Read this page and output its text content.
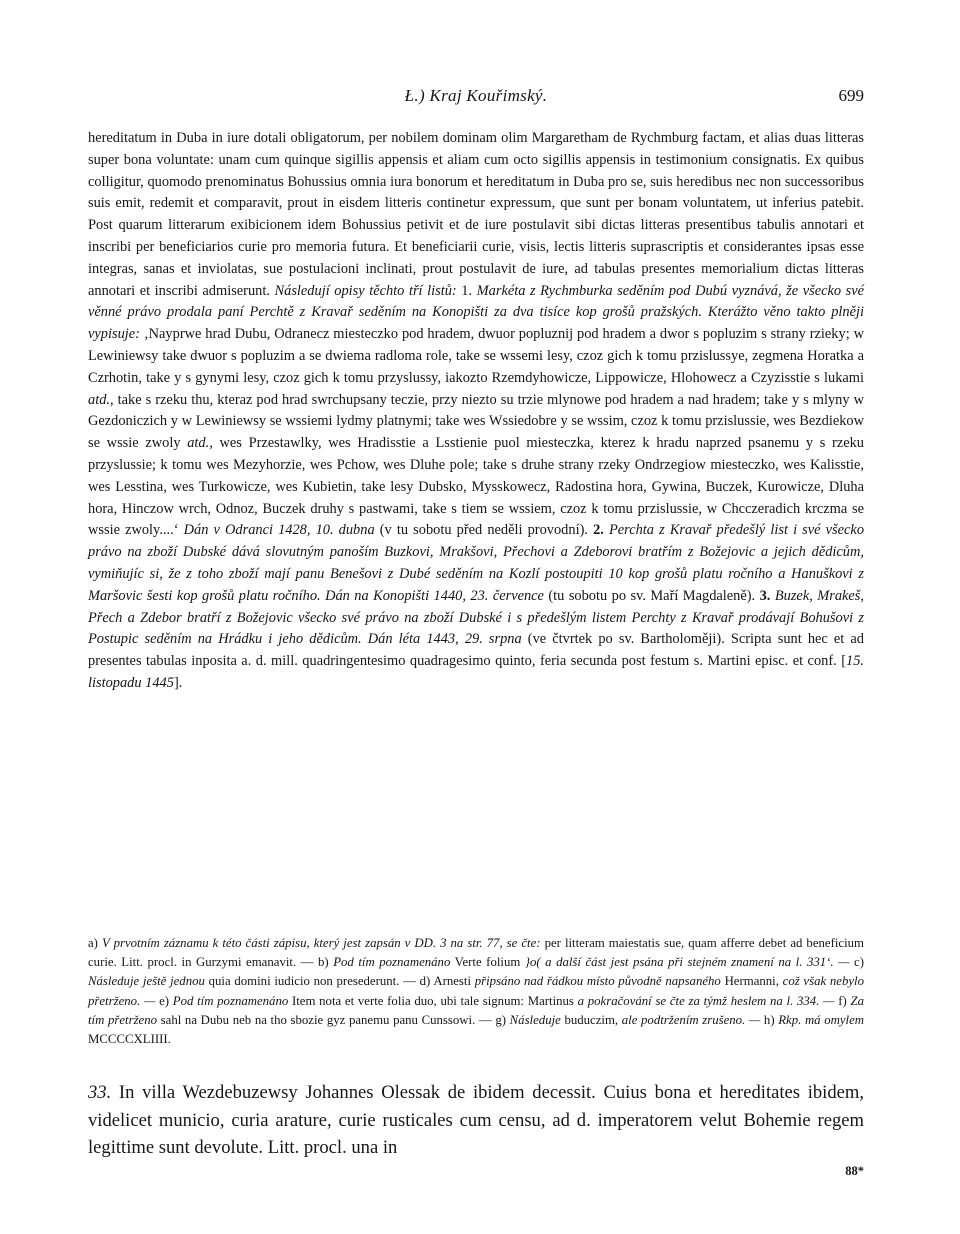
Ł.) Kraj Kouřimský.	699

hereditatum in Duba in iure dotali obligatorum, per nobilem dominam olim Margaretham de Rychmburg factam, et alias duas litteras super bona voluntate: unam cum quinque sigillis appensis et aliam cum octo sigillis appensis in testimonium consignatis. Ex quibus colligitur, quomodo prenominatus Bohussius omnia iura bonorum et hereditatum in Duba pro se, suis heredibus nec non successoribus suis emit, redemit et comparavit, prout in eisdem litteris continetur expressum, que sunt per bonam voluntatem, ut inferius patebit. Post quarum litterarum exibicionem idem Bohussius petivit et de iure postulavit sibi dictas litteras presentibus tabulis annotari et inscribi per beneficiarios curie pro memoria futura. Et beneficiarii curie, visis, lectis litteris suprascriptis et considerantes ipsas esse integras, sanas et inviolatas, sue postulacioni inclinati, prout postulavit de iure, ad tabulas presentes memorialium dictas litteras annotari et inscribi admiserunt. Následují opisy těchto tří listů: 1. Markéta z Rychmburka seděním pod Dubú vyznává, že všecko své věnné právo prodala paní Perchtě z Kravař seděním na Konopišti za dva tisíce kop grošů pražských. Kterážto věno takto plněji vypisuje: ‚Nayprwe hrad Dubu, Odranecz miesteczko pod hradem, dwuor popluznij pod hradem a dwor s popluzim s strany rzieky; w Lewiniewsy take dwuor s popluzim a se dwiema radloma role, take se wssemi lesy, czoz gich k tomu przislussye, zegmena Horatka a Czrhotin, take y s gynymi lesy, czoz gich k tomu przyslussy, iakozto Rzemdyhowicze, Lippowicze, Hlohowecz a Czyzisstie s lukami atd., take s rzeku thu, kteraz pod hrad swrchupsany teczie, przy niezto su trzie mlynowe pod hradem a nad hradem; take y s mlyny w Gezdoniczich y w Lewiniewsy se wssiemi lydmy platnymi; take wes Wssiedobre y se wssim, czoz k tomu przislussie, wes Bezdiekow se wssie zwoly atd., wes Przestawlky, wes Hradisstie a Lsstienie puol miesteczka, kterez k hradu naprzed psanemu y s rzeku przyslussie; k tomu wes Mezyhorzie, wes Pchow, wes Dluhe pole; take s druhe strany rzeky Ondrzegiow miesteczko, wes Kalisstie, wes Lesstina, wes Turkowicze, wes Kubietin, take lesy Dubsko, Mysskowecz, Radostina hora, Gywina, Buczek, Kurowicze, Dluha hora, Hinczow wrch, Odnoz, Buczek druhy s pastwami, take s tiem se wssiem, czoz k tomu przislussie, w Chcczeradich krczma se wssie zwoly....‘ Dán v Odranci 1428, 10. dubna (v tu sobotu před neděli provodní). 2. Perchta z Kravař předešlý list i své všecko právo na zboží Dubské dává slovutným panoším Buzkovi, Mrakšovi, Přechovi a Zdeborovi bratřím z Božejovic a jejich dědicům, vymiňujíc si, že z toho zboží mají panu Benešovi z Dubé seděním na Kozlí postoupiti 10 kop grošů platu ročního a Hanuškovi z Maršovic šesti kop grošů platu ročního. Dán na Konopišti 1440, 23. července (tu sobotu po sv. Maří Magdaleně). 3. Buzek, Mrakeš, Přech a Zdebor bratří z Božejovic všecko své právo na zboží Dubské i s předešlým listem Perchty z Kravař prodávají Bohušovi z Postupic seděním na Hrádku i jeho dědicům. Dán léta 1443, 29. srpna (ve čtvrtek po sv. Bartholoměji). Scripta sunt hec et ad presentes tabulas inposita a. d. mill. quadringentesimo quadragesimo quinto, feria secunda post festum s. Martini episc. et conf. [15. listopadu 1445].

a) V prvotním záznamu k této části zápisu, který jest zapsán v DD. 3 na str. 77, se čte: per litteram maiestatis sue, quam afferre debet ad beneficium curie. Litt. procl. in Gurzymi emanavit. — b) Pod tím poznamenáno Verte folium }o( a další část jest psána při stejném znamení na l. 331‘. — c) Následuje ještě jednou quia domini iudicio non presederunt. — d) Arnesti připsáno nad řádkou místo původně napsaného Hermanni, což však nebylo přetrženo. — e) Pod tím poznamenáno Item nota et verte folia duo, ubi tale signum: Martinus a pokračování se čte za týmž heslem na l. 334. — f) Za tím přetrženo sahl na Dubu neb na tho sbozie gyz panemu panu Cunssowi. — g) Následuje buduczim, ale podtržením zrušeno. — h) Rkp. má omylem MCCCCXLIIII.

33. In villa Wezdebuzewsy Johannes Olessak de ibidem decessit. Cuius bona et hereditates ibidem, videlicet municio, curia arature, curie rusticales cum censu, ad d. imperatorem velut Bohemie regem legittime sunt devolute. Litt. procl. una in

88*
